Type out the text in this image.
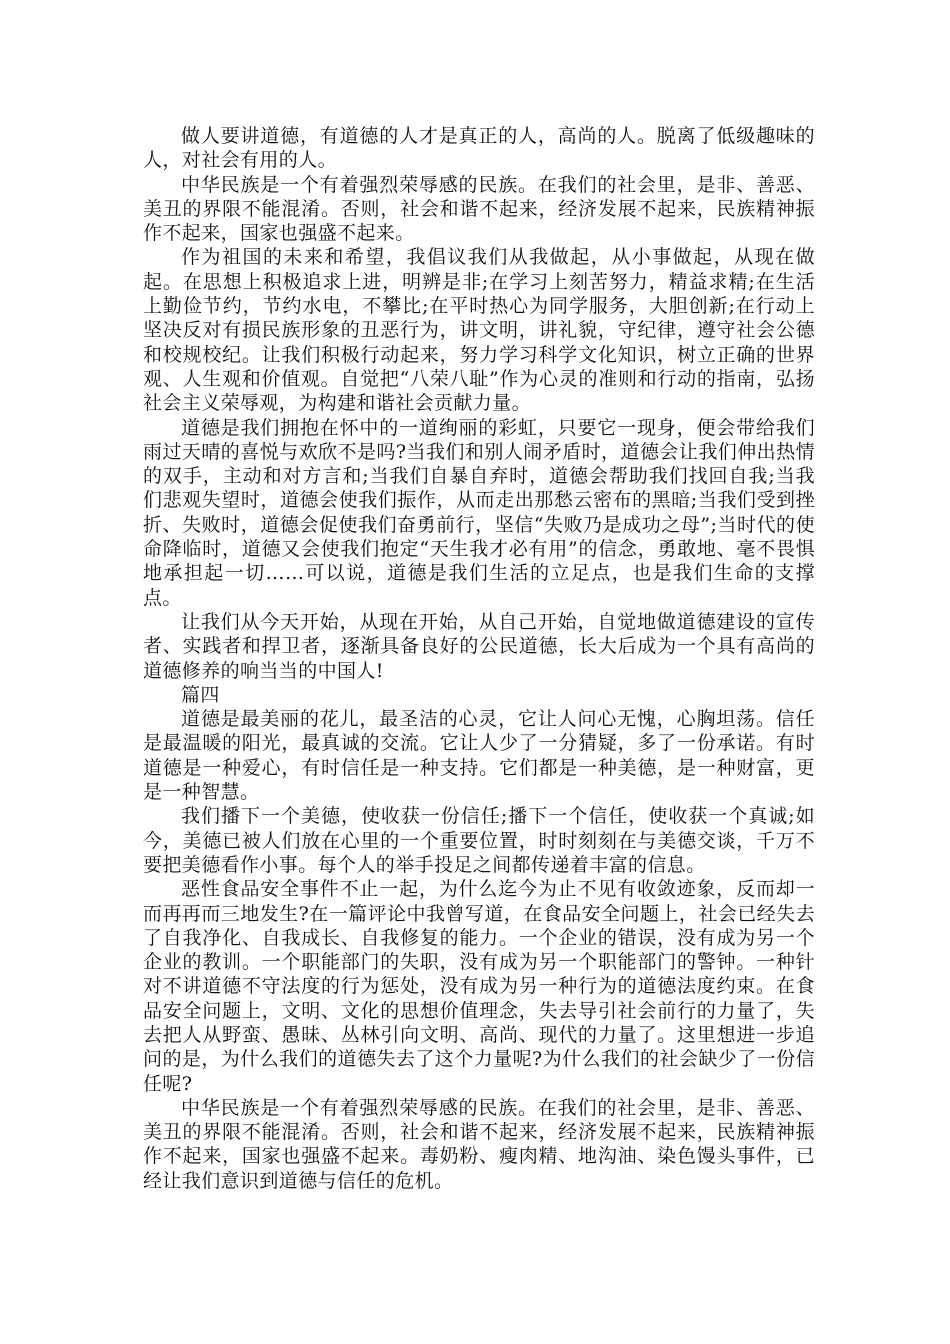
做人要讲道德，有道德的人才是真正的人，高尚的人。脱离了低级趣味的人，对社会有用的人。

中华民族是一个有着强烈荣辱感的民族。在我们的社会里，是非、善恶、美丑的界限不能混淆。否则，社会和谐不起来，经济发展不起来，民族精神振作不起来，国家也强盛不起来。

作为祖国的未来和希望，我倡议我们从我做起，从小事做起，从现在做起。在思想上积极追求上进，明辨是非;在学习上刻苦努力，精益求精;在生活上勤俭节约，节约水电，不攀比;在平时热心为同学服务，大胆创新;在行动上坚决反对有损民族形象的丑恶行为，讲文明，讲礼貌，守纪律，遵守社会公德和校规校纪。让我们积极行动起来，努力学习科学文化知识，树立正确的世界观、人生观和价值观。自觉把“八荣八耻”作为心灵的准则和行动的指南，弘扬社会主义荣辱观，为构建和谐社会贡献力量。

道德是我们拥抱在怀中的一道绚丽的彩虹，只要它一现身，便会带给我们雨过天晴的喜悦与欢欣不是吗?当我们和别人闹矛盾时，道德会让我们伸出热情的双手，主动和对方言和;当我们自暴自弃时，道德会帮助我们找回自我;当我们悲观失望时，道德会使我们振作，从而走出那愁云密布的黑暗;当我们受到挫折、失败时，道德会促使我们奋勇前行，坚信“失败乃是成功之母”;当时代的使命降临时，道德又会使我们抱定“天生我才必有用”的信念，勇敢地、毫不畏惧地承担起一切……可以说，道德是我们生活的立足点，也是我们生命的支撑点。

让我们从今天开始，从现在开始，从自己开始，自觉地做道德建设的宣传者、实践者和捍卫者，逐渐具备良好的公民道德，长大后成为一个具有高尚的道德修养的响当当的中国人!

篇四

道德是最美丽的花儿，最圣洁的心灵，它让人问心无愧，心胸坦荡。信任是最温暖的阳光，最真诚的交流。它让人少了一分猜疑，多了一份承诺。有时道德是一种爱心，有时信任是一种支持。它们都是一种美德，是一种财富，更是一种智慧。

我们播下一个美德，使收获一份信任;播下一个信任，使收获一个真诚;如今，美德已被人们放在心里的一个重要位置，时时刻刻在与美德交谈，千万不要把美德看作小事。每个人的举手投足之间都传递着丰富的信息。

恶性食品安全事件不止一起，为什么迄今为止不见有收敛迹象，反而却一而再再而三地发生?在一篇评论中我曾写道，在食品安全问题上，社会已经失去了自我净化、自我成长、自我修复的能力。一个企业的错误，没有成为另一个企业的教训。一个职能部门的失职，没有成为另一个职能部门的警钟。一种针对不讲道德不守法度的行为惩处，没有成为另一种行为的道德法度约束。在食品安全问题上，文明、文化的思想价值理念，失去导引社会前行的力量了，失去把人从野蛮、愚昧、丛林引向文明、高尚、现代的力量了。这里想进一步追问的是，为什么我们的道德失去了这个力量呢?为什么我们的社会缺少了一份信任呢?

中华民族是一个有着强烈荣辱感的民族。在我们的社会里，是非、善恶、美丑的界限不能混淆。否则，社会和谐不起来，经济发展不起来，民族精神振作不起来，国家也强盛不起来。毒奶粉、瘦肉精、地沟油、染色馒头事件，已经让我们意识到道德与信任的危机。
